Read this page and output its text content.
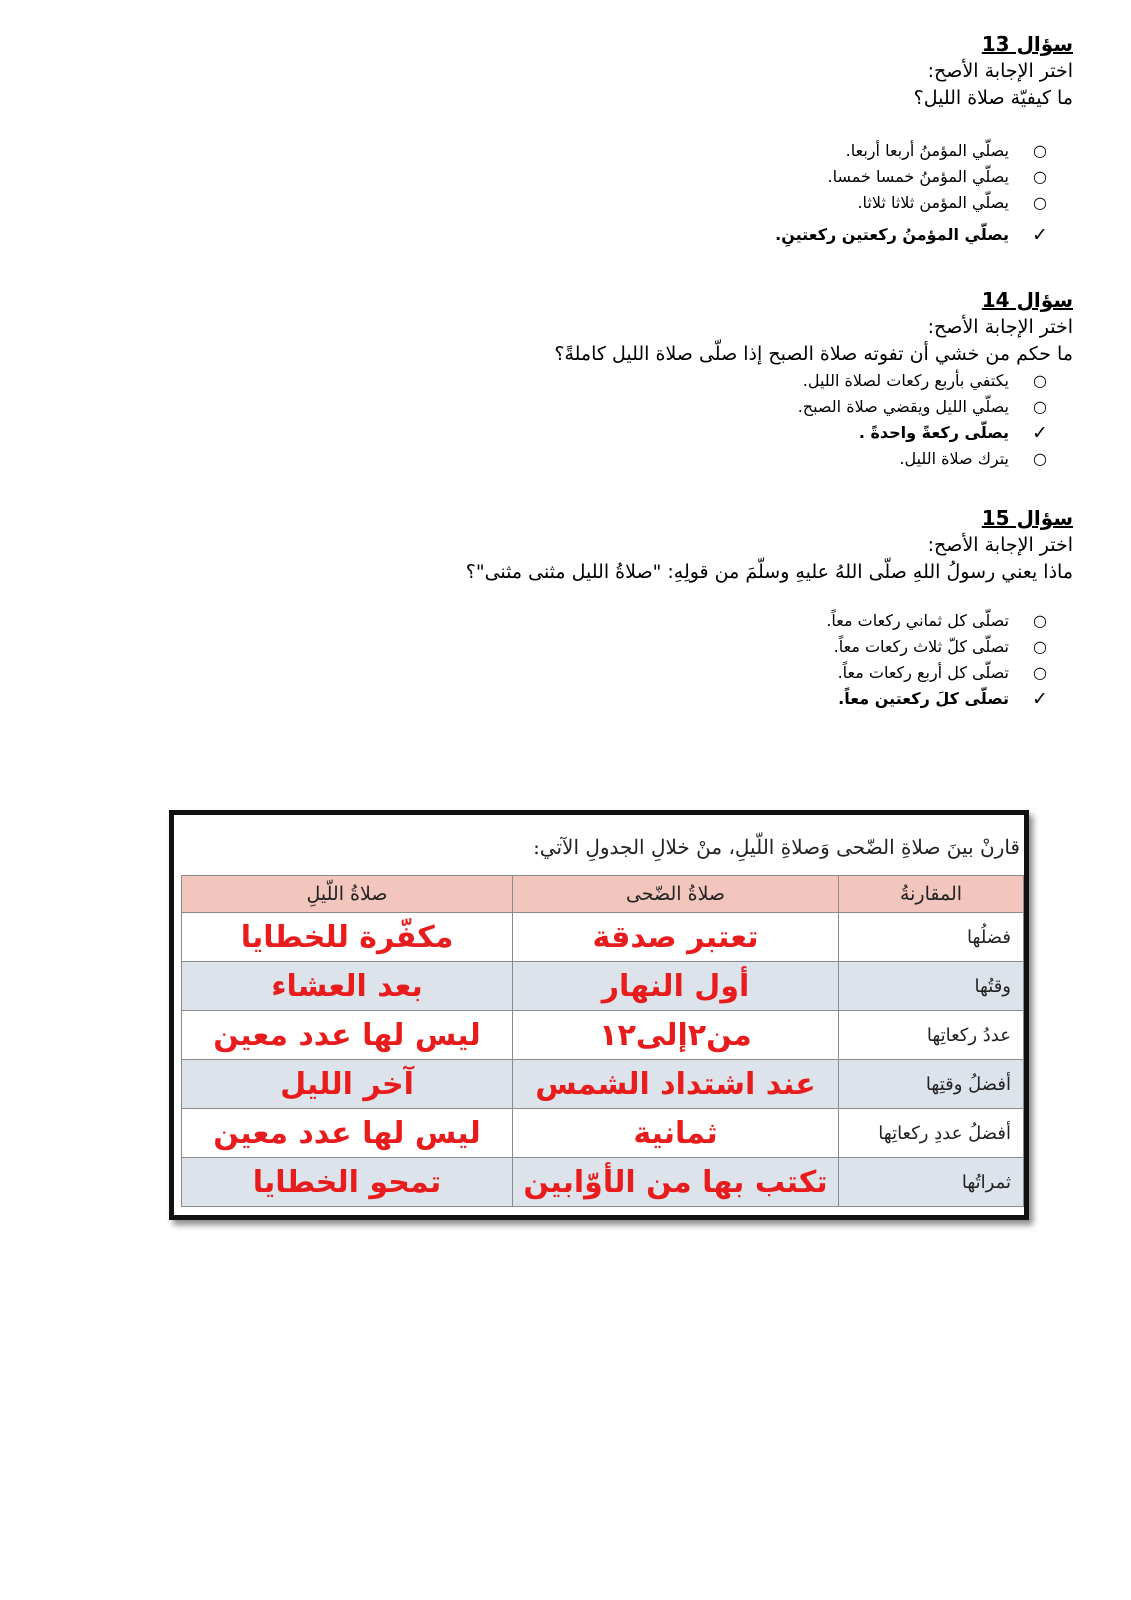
سؤال 13
اختر الإجابة الأصح:
ما كيفيّة صلاة الليل؟
○
يصلّي المؤمنُ أربعا أربعا.
○
يصلّي المؤمنُ خمسا خمسا.
○
يصلّي المؤمن ثلاثا ثلاثا.
✓
يصلّي المؤمنُ ركعتين ركعتينِ.
سؤال 14
اختر الإجابة الأصح:
ما حكم من خشي أن تفوته صلاة الصبح إذا صلّى صلاة الليل كاملةً؟
○
يكتفي بأربع ركعات لصلاة الليل.
○
يصلّي الليل ويقضي صلاة الصبح.
✓
يصلّى ركعةً واحدةً .
○
يترك صلاة الليل.
سؤال 15
اختر الإجابة الأصح:
ماذا يعني رسولُ اللهِ صلّى اللهُ عليهِ وسلّمَ من قولِهِ: "صلاةُ الليل مثنى مثنى"؟
○
تصلّى كل ثماني ركعات معاً.
○
تصلّى كلّ ثلاث ركعات معاً.
○
تصلّى كل أربع ركعات معاً.
✓
تصلّى كلَ ركعتين معاً.
قارنْ بينَ صلاةِ الضّحى وَصلاةِ اللّيلِ، منْ خلالِ الجدولِ الآتي:
المقارنةُ	صلاةُ الضّحى	صلاةُ اللّيلِ
فضلُها	تعتبر صدقة	مكفّرة للخطايا
وقتُها	أول النهار	بعد العشاء
عددُ ركعاتِها	من٢إلى١٢	ليس لها عدد معين
أفضلُ وقتِها	عند اشتداد الشمس	آخر الليل
أفضلُ عددِ ركعاتِها	ثمانية	ليس لها عدد معين
ثمراتُها	تكتب بها من الأوّابين	تمحو الخطايا
